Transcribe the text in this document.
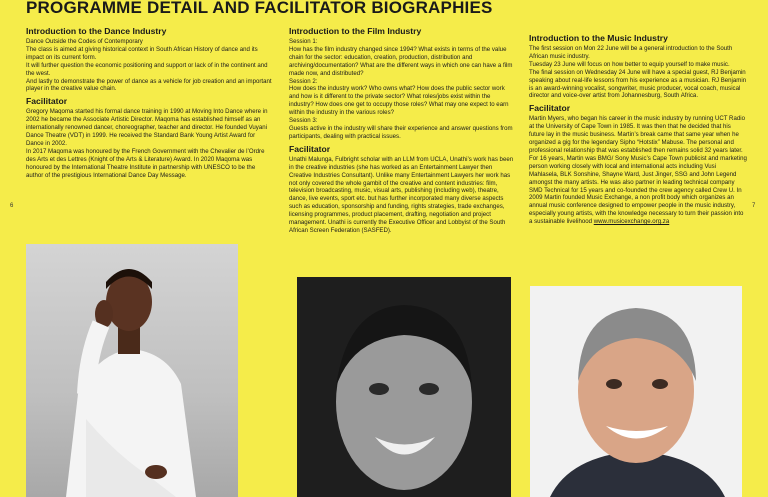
PROGRAMME DETAIL AND FACILITATOR BIOGRAPHIES
6	7
Introduction to the Dance Industry

Dance Outside the Codes of Contemporary

The class is aimed at giving historical context in South African History of dance and its impact on its current form.

It will further question the economic positioning and support or lack of in the continent and the west.

And lastly to demonstrate the power of dance as a vehicle for job creation and an important player in the creative value chain.

Facilitator

Gregory Maqoma started his formal dance training in 1990 at Moving Into Dance where in 2002 he became the Associate Artistic Director. Maqoma has established himself as an internationally renowned dancer, choreographer, teacher and director. He founded Vuyani Dance Theatre (VDT) in 1999. He received the Standard Bank Young Artist Award for Dance in 2002.

In 2017 Maqoma was honoured by the French Government with the Chevalier de l’Ordre des Arts et des Lettres (Knight of the Arts & Literature) Award. In 2020 Maqoma was honoured by the International Theatre Institute in partnership with UNESCO to be the author of the prestigious International Dance Day Message.

Introduction to the Film Industry

Session 1:

How has the film industry changed since 1994? What exists in terms of the value chain for the sector: education, creation, production, distribution and archiving/documentation? What are the different ways in which one can have a film made now, and distributed?

Session 2:

How does the industry work? Who owns what? How does the public sector work and how is it different to the private sector? What roles/jobs exist within the industry? How does one get to occupy those roles? What may one expect to earn within the industry in the various roles?

Session 3:

Guests active in the industry will share their experience and answer questions from participants, dealing with practical issues.

Facilitator

Unathi Malunga, Fulbright scholar with an LLM from UCLA, Unathi’s work has been in the creative industries (she has worked as an Entertainment Lawyer then Creative Industries Consultant). Unlike many Entertainment Lawyers her work has not only covered the whole gambit of the creative and content industries: film, television broadcasting, music, visual arts, publishing (including web), theatre, dance, live events, sport etc. but has further incorporated many diverse aspects such as education, sponsorship and funding, rights strategies, trade exchanges, licensing programmes, product placement, drafting, negotiation and project management. Unathi is currently the Executive Officer and Lobbyist of the South African Screen Federation (SASFED).

Introduction to the Music Industry

The first session on Mon 22 June will be a general introduction to the South African music industry.

Tuesday 23 June will focus on how better to equip yourself to make music.

The final session on Wednesday 24 June will have a special guest, RJ Benjamin speaking about real-life lessons from his experience as a musician. RJ Benjamin is an award-winning vocalist, songwriter, music producer, vocal coach, musical director and voice-over artist from Johannesburg, South Africa.

Facilitator

Martin Myers, who began his career in the music industry by running UCT Radio at the University of Cape Town in 1985. It was then that he decided that his future lay in the music business. Martin’s break came that same year when he organized a gig for the legendary Sipho “Hotstix” Mabuse. The personal and professional relationship that was established then remains solid 32 years later. For 16 years, Martin was BMG/ Sony Music’s Cape Town publicist and marketing person working closely with local and international acts including Vusi Mahlasela, BLK Sonshine, Shayne Ward, Just Jinger, SSG and John Legend amongst the many artists. He was also partner in leading technical company SMD Technical for 15 years and co-founded the crew agency called Crew U. In 2009 Martin founded Music Exchange, a non profit body which organizes an annual music conference designed to empower people in the music industry, especially young artists, with the knowledge necessary to turn their passion into a sustainable livelihood www.musicexchange.org.za
